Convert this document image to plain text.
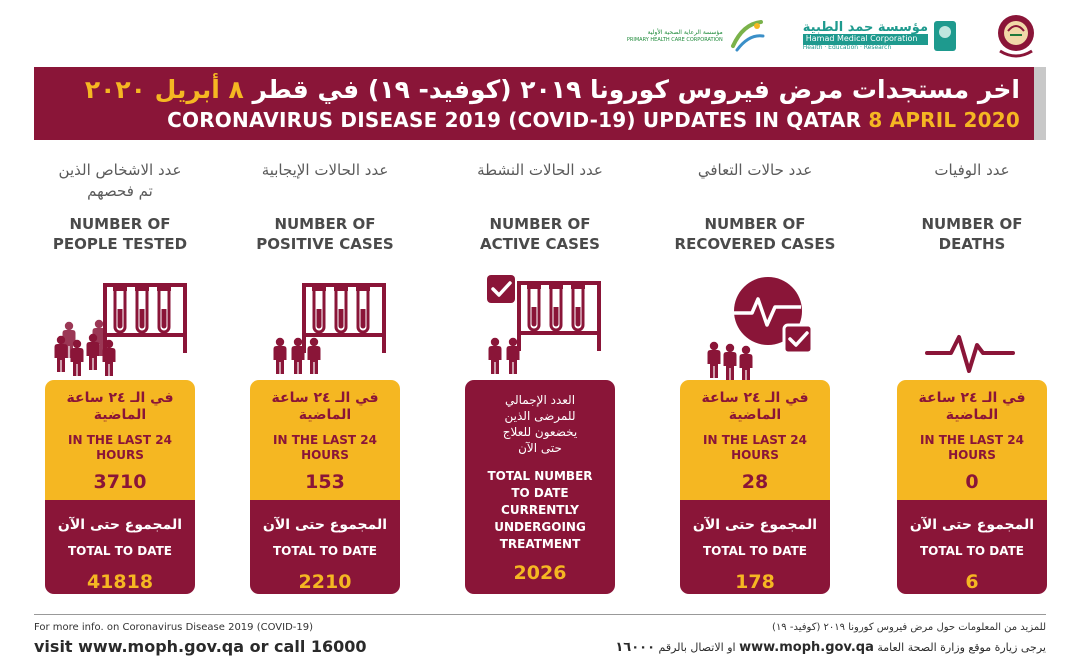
مؤسسة حمد الطبية
Hamad Medical Corporation
Health · Education · Research
مؤسسة الرعاية الصحية الأولية
PRIMARY HEALTH CARE CORPORATION
اخر مستجدات مرض فيروس كورونا ٢٠١٩ (كوفيد- ١٩) في قطر ٨ أبريل ٢٠٢٠
CORONAVIRUS DISEASE 2019 (COVID-19) UPDATES IN QATAR 8 APRIL 2020
عدد الاشخاص الذين
تم فحصهم
NUMBER OF
PEOPLE TESTED
في الـ ٢٤ ساعة
الماضية
IN THE LAST 24
HOURS
3710
المجموع حتى الآن
TOTAL TO DATE
41818
عدد الحالات الإيجابية
NUMBER OF
POSITIVE CASES
في الـ ٢٤ ساعة
الماضية
IN THE LAST 24
HOURS
153
المجموع حتى الآن
TOTAL TO DATE
2210
عدد الحالات النشطة
NUMBER OF
ACTIVE CASES
العدد الإجمالي
للمرضى الذين
يخضعون للعلاج
حتى الآن
TOTAL NUMBER
TO DATE
CURRENTLY
UNDERGOING
TREATMENT
2026
عدد حالات التعافي
NUMBER OF
RECOVERED CASES
في الـ ٢٤ ساعة
الماضية
IN THE LAST 24
HOURS
28
المجموع حتى الآن
TOTAL TO DATE
178
عدد الوفيات
NUMBER OF
DEATHS
في الـ ٢٤ ساعة
الماضية
IN THE LAST 24
HOURS
0
المجموع حتى الآن
TOTAL TO DATE
6
For more info. on Coronavirus Disease 2019 (COVID-19)
visit www.moph.gov.qa or call 16000
للمزيد من المعلومات حول مرض فيروس كورونا ٢٠١٩ (كوفيد- ١٩)
يرجى زيارة موقع وزارة الصحة العامة www.moph.gov.qa او الاتصال بالرقم ١٦٠٠٠
